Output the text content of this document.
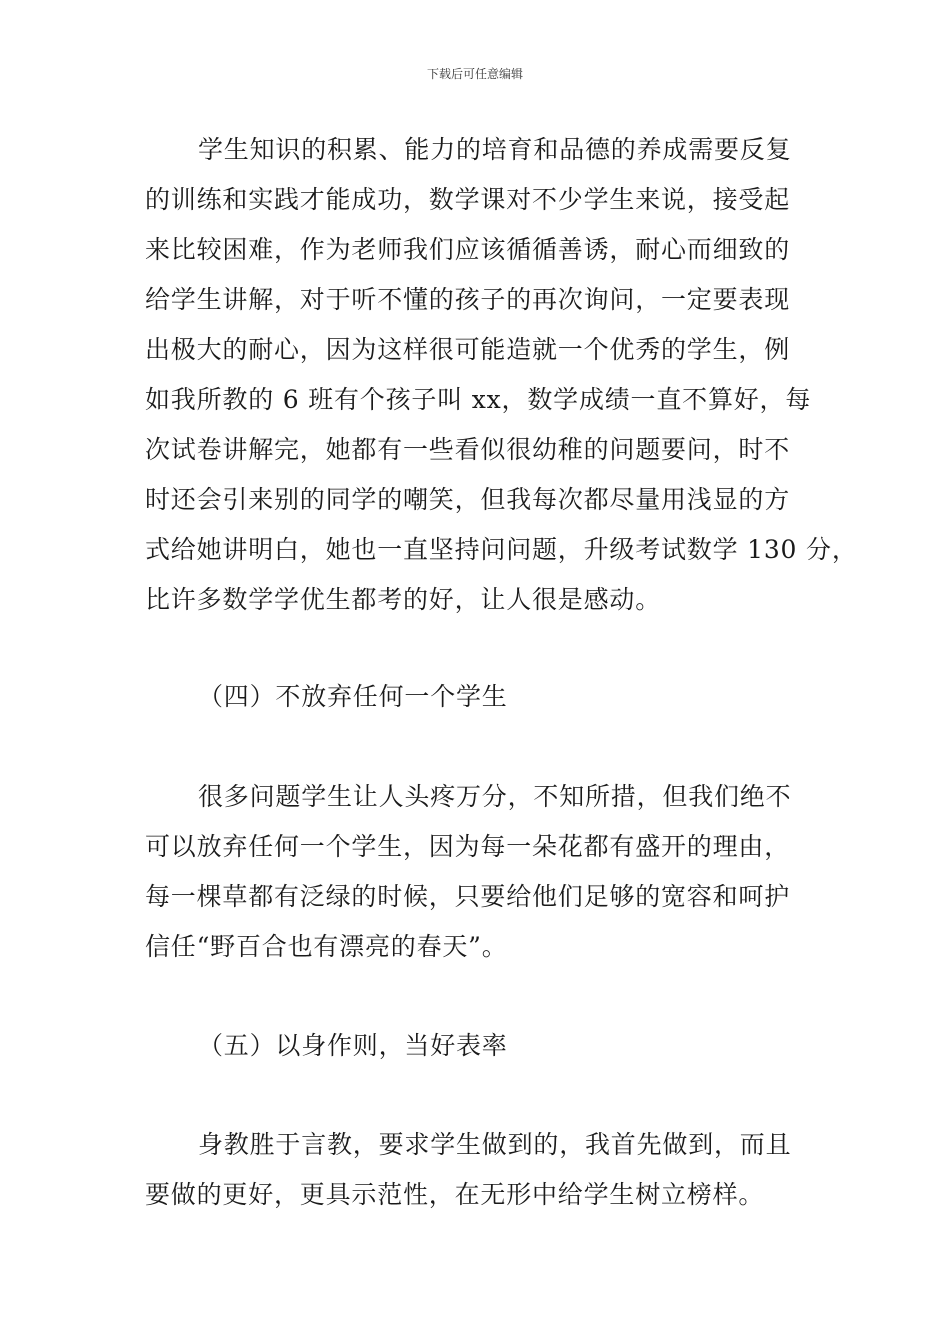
下载后可任意编辑
学生知识的积累、能力的培育和品德的养成需要反复
的训练和实践才能成功，数学课对不少学生来说，接受起
来比较困难，作为老师我们应该循循善诱，耐心而细致的
给学生讲解，对于听不懂的孩子的再次询问，一定要表现
出极大的耐心，因为这样很可能造就一个优秀的学生，例
如我所教的 6 班有个孩子叫 xx，数学成绩一直不算好，每
次试卷讲解完，她都有一些看似很幼稚的问题要问，时不
时还会引来别的同学的嘲笑，但我每次都尽量用浅显的方
式给她讲明白，她也一直坚持问问题，升级考试数学 130 分，
比许多数学学优生都考的好，让人很是感动。
（四）不放弃任何一个学生
很多问题学生让人头疼万分，不知所措，但我们绝不
可以放弃任何一个学生，因为每一朵花都有盛开的理由，
每一棵草都有泛绿的时候，只要给他们足够的宽容和呵护
信任“野百合也有漂亮的春天”。
（五）以身作则，当好表率
身教胜于言教，要求学生做到的，我首先做到，而且
要做的更好，更具示范性，在无形中给学生树立榜样。
